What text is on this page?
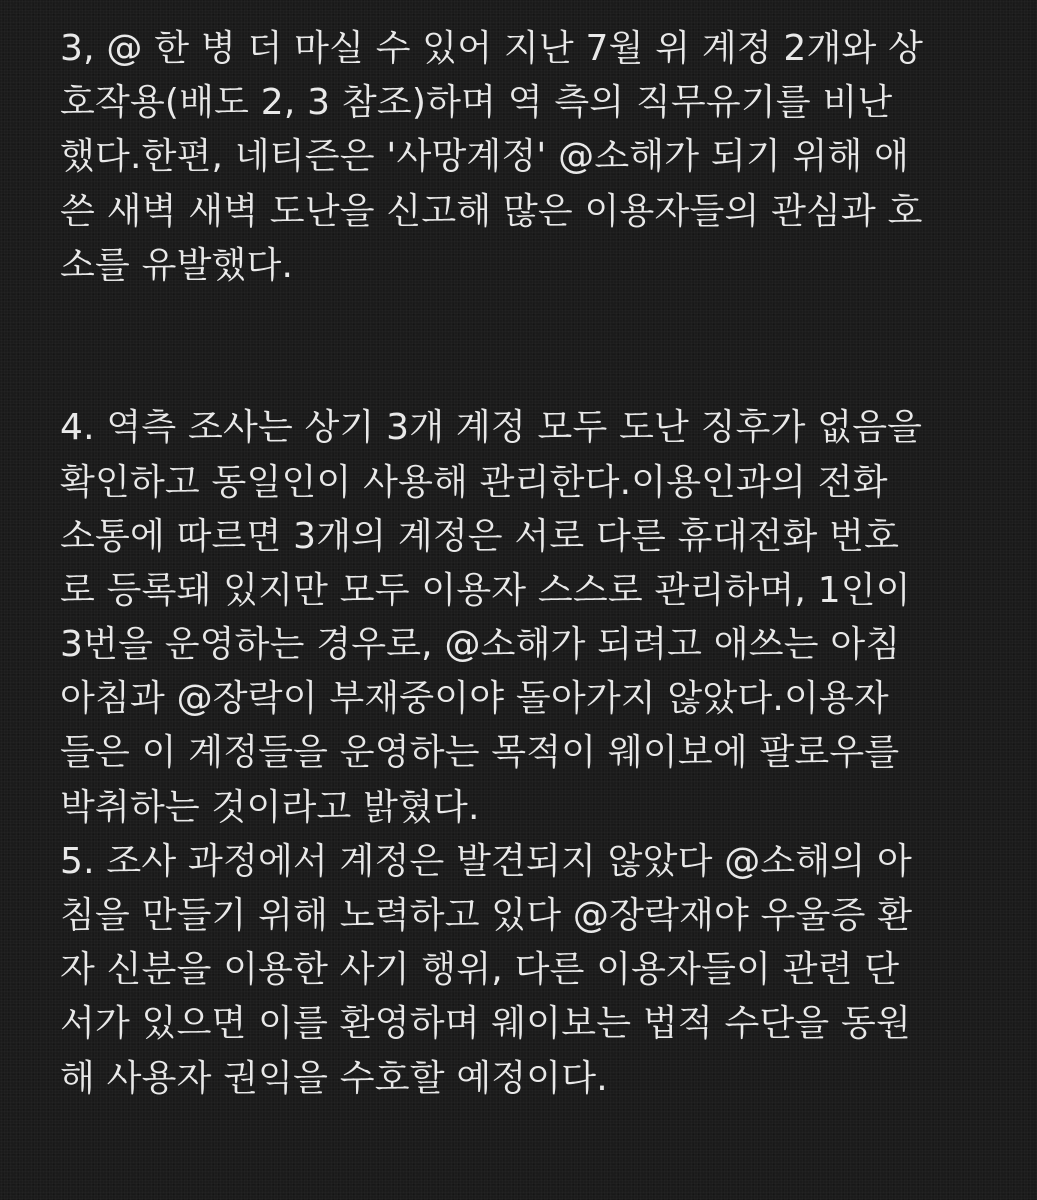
3, @ 한 병 더 마실 수 있어 지난 7월 위 계정 2개와 상
호작용(배도 2, 3 참조)하며 역 측의 직무유기를 비난
했다.한편, 네티즌은 '사망계정' @소해가 되기 위해 애
쓴 새벽 새벽 도난을 신고해 많은 이용자들의 관심과 호
소를 유발했다.
4. 역측 조사는 상기 3개 계정 모두 도난 징후가 없음을
확인하고 동일인이 사용해 관리한다.이용인과의 전화
소통에 따르면 3개의 계정은 서로 다른 휴대전화 번호
로 등록돼 있지만 모두 이용자 스스로 관리하며, 1인이
3번을 운영하는 경우로, @소해가 되려고 애쓰는 아침
아침과 @장락이 부재중이야 돌아가지 않았다.이용자
들은 이 계정들을 운영하는 목적이 웨이보에 팔로우를
박취하는 것이라고 밝혔다.
5. 조사 과정에서 계정은 발견되지 않았다 @소해의 아
침을 만들기 위해 노력하고 있다 @장락재야 우울증 환
자 신분을 이용한 사기 행위, 다른 이용자들이 관련 단
서가 있으면 이를 환영하며 웨이보는 법적 수단을 동원
해 사용자 권익을 수호할 예정이다.
